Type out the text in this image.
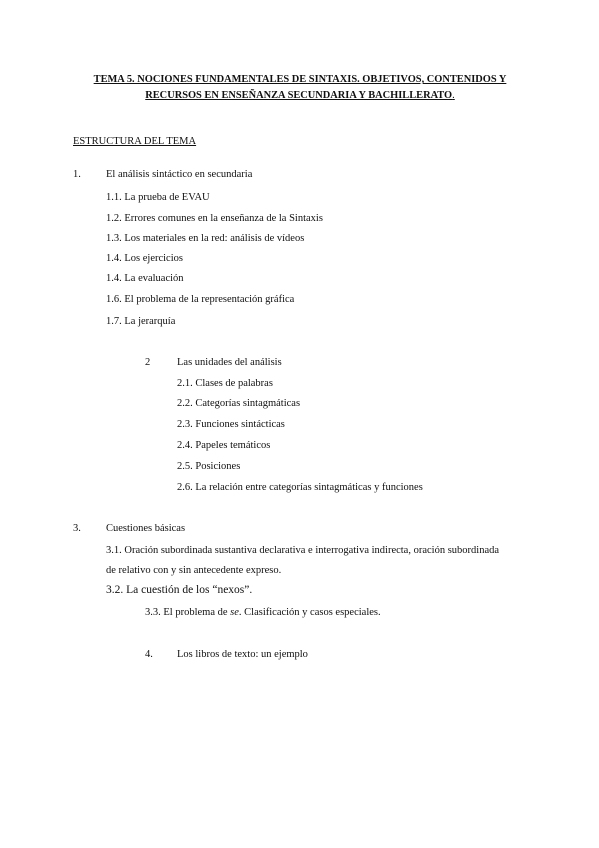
TEMA 5. NOCIONES FUNDAMENTALES DE SINTAXIS. OBJETIVOS, CONTENIDOS Y
RECURSOS EN ENSEÑANZA SECUNDARIA Y BACHILLERATO.
ESTRUCTURA DEL TEMA
1. El análisis sintáctico en secundaria
1.1. La prueba de EVAU
1.2. Errores comunes en la enseñanza de la Sintaxis
1.3. Los materiales en la red: análisis de vídeos
1.4. Los ejercicios
1.4. La evaluación
1.6. El problema de la representación gráfica
1.7. La jerarquía
2	Las unidades del análisis
2.1. Clases de palabras
2.2. Categorías sintagmáticas
2.3. Funciones sintácticas
2.4. Papeles temáticos
2.5. Posiciones
2.6. La relación entre categorías sintagmáticas y funciones
3. Cuestiones básicas
3.1. Oración subordinada sustantiva declarativa e interrogativa indirecta, oración subordinada
de relativo con y sin antecedente expreso.
3.2. La cuestión de los “nexos”.
3.3. El problema de se. Clasificación y casos especiales.
4. Los libros de texto: un ejemplo
